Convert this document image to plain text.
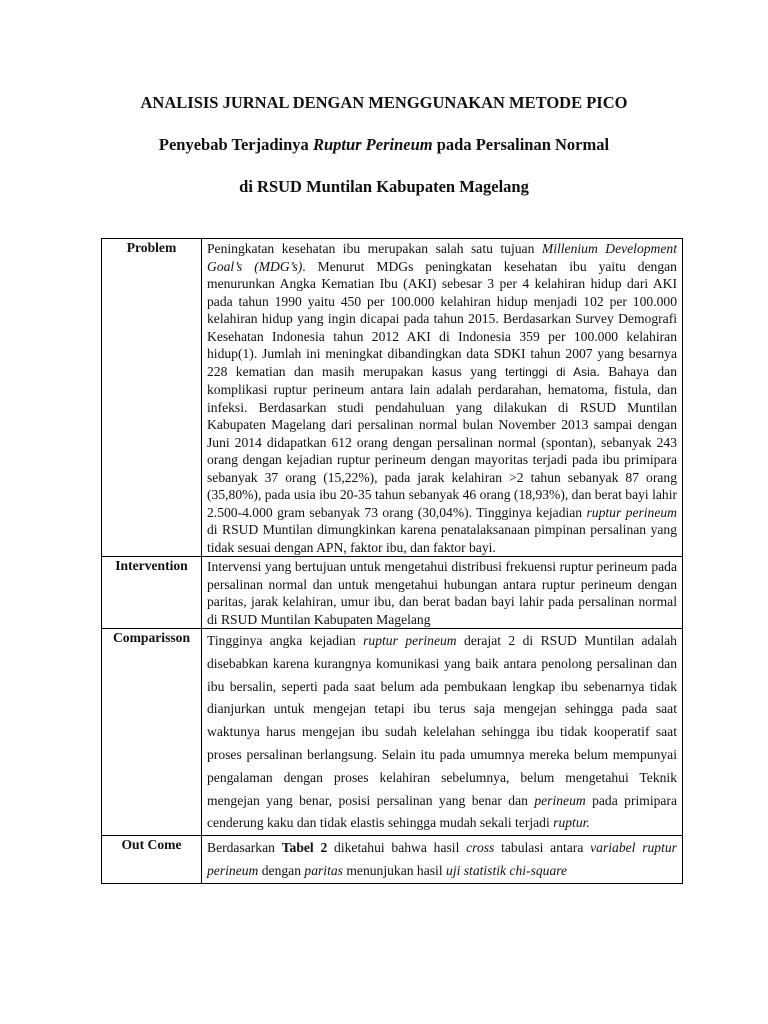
ANALISIS JURNAL DENGAN MENGGUNAKAN METODE PICO
Penyebab Terjadinya Ruptur Perineum pada Persalinan Normal
di RSUD Muntilan Kabupaten Magelang
Problem	Peningkatan kesehatan ibu merupakan salah satu tujuan Millenium Development Goal’s (MDG’s). Menurut MDGs peningkatan kesehatan ibu yaitu dengan menurunkan Angka Kematian Ibu (AKI) sebesar 3 per 4 kelahiran hidup dari AKI pada tahun 1990 yaitu 450 per 100.000 kelahiran hidup menjadi 102 per 100.000 kelahiran hidup yang ingin dicapai pada tahun 2015. Berdasarkan Survey Demografi Kesehatan Indonesia tahun 2012 AKI di Indonesia 359 per 100.000 kelahiran hidup(1). Jumlah ini meningkat dibandingkan data SDKI tahun 2007 yang besarnya 228 kematian dan masih merupakan kasus yang tertinggi di Asia. Bahaya dan komplikasi ruptur perineum antara lain adalah perdarahan, hematoma, fistula, dan infeksi. Berdasarkan studi pendahuluan yang dilakukan di RSUD Muntilan Kabupaten Magelang dari persalinan normal bulan November 2013 sampai dengan Juni 2014 didapatkan 612 orang dengan persalinan normal (spontan), sebanyak 243 orang dengan kejadian ruptur perineum dengan mayoritas terjadi pada ibu primipara sebanyak 37 orang (15,22%), pada jarak kelahiran >2 tahun sebanyak 87 orang (35,80%), pada usia ibu 20-35 tahun sebanyak 46 orang (18,93%), dan berat bayi lahir 2.500-4.000 gram sebanyak 73 orang (30,04%). Tingginya kejadian ruptur perineum di RSUD Muntilan dimungkinkan karena penatalaksanaan pimpinan persalinan yang tidak sesuai dengan APN, faktor ibu, dan faktor bayi.
Intervention	Intervensi yang bertujuan untuk mengetahui distribusi frekuensi ruptur perineum pada persalinan normal dan untuk mengetahui hubungan antara ruptur perineum dengan paritas, jarak kelahiran, umur ibu, dan berat badan bayi lahir pada persalinan normal di RSUD Muntilan Kabupaten Magelang
Comparisson	Tingginya angka kejadian ruptur perineum derajat 2 di RSUD Muntilan adalah disebabkan karena kurangnya komunikasi yang baik antara penolong persalinan dan ibu bersalin, seperti pada saat belum ada pembukaan lengkap ibu sebenarnya tidak dianjurkan untuk mengejan tetapi ibu terus saja mengejan sehingga pada saat waktunya harus mengejan ibu sudah kelelahan sehingga ibu tidak kooperatif saat proses persalinan berlangsung. Selain itu pada umumnya mereka belum mempunyai pengalaman dengan proses kelahiran sebelumnya, belum mengetahui Teknik mengejan yang benar, posisi persalinan yang benar dan perineum pada primipara cenderung kaku dan tidak elastis sehingga mudah sekali terjadi ruptur.
Out Come	Berdasarkan Tabel 2 diketahui bahwa hasil cross tabulasi antara variabel ruptur perineum dengan paritas menunjukan hasil uji statistik chi-square
